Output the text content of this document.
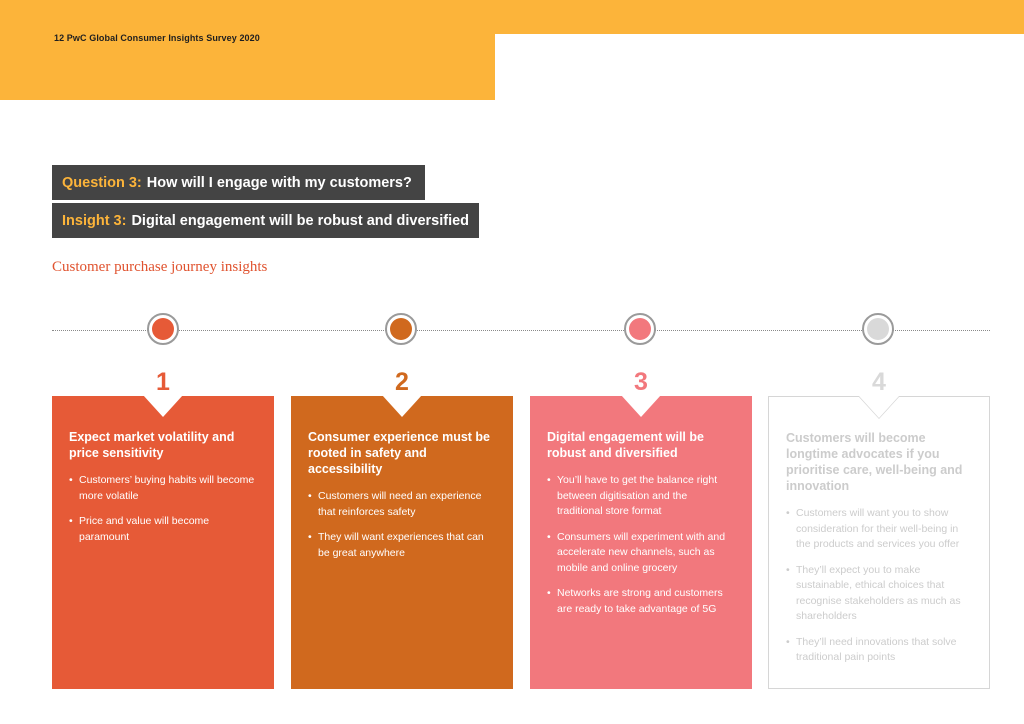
12 PwC Global Consumer Insights Survey 2020
Question 3: How will I engage with my customers?
Insight 3: Digital engagement will be robust and diversified
Customer purchase journey insights
1	2	3	4
Expect market volatility and price sensitivity
• Customers’ buying habits will become more volatile
• Price and value will become paramount
Consumer experience must be rooted in safety and accessibility
• Customers will need an experience that reinforces safety
• They will want experiences that can be great anywhere
Digital engagement will be robust and diversified
• You’ll have to get the balance right between digitisation and the traditional store format
• Consumers will experiment with and accelerate new channels, such as mobile and online grocery
• Networks are strong and customers are ready to take advantage of 5G
Customers will become longtime advocates if you prioritise care, well-being and innovation
• Customers will want you to show consideration for their well-being in the products and services you offer
• They’ll expect you to make sustainable, ethical choices that recognise stakeholders as much as shareholders
• They’ll need innovations that solve traditional pain points
